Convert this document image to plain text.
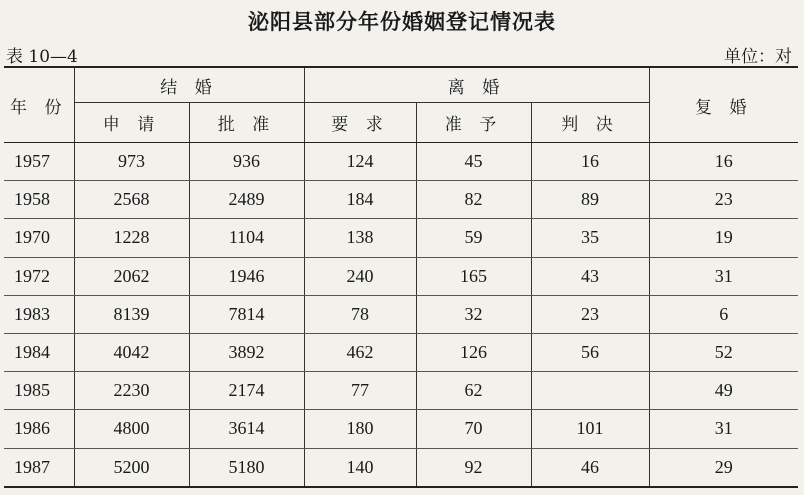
泌阳县部分年份婚姻登记情况表
表 10—4	单位：对
年 份	结 婚		离 婚			复 婚
	申 请	批 准	要 求	准 予	判 决	
1957	973	936	124	45	16	16
1958	2568	2489	184	82	89	23
1970	1228	1104	138	59	35	19
1972	2062	1946	240	165	43	31
1983	8139	7814	78	32	23	6
1984	4042	3892	462	126	56	52
1985	2230	2174	77	62		49
1986	4800	3614	180	70	101	31
1987	5200	5180	140	92	46	29
